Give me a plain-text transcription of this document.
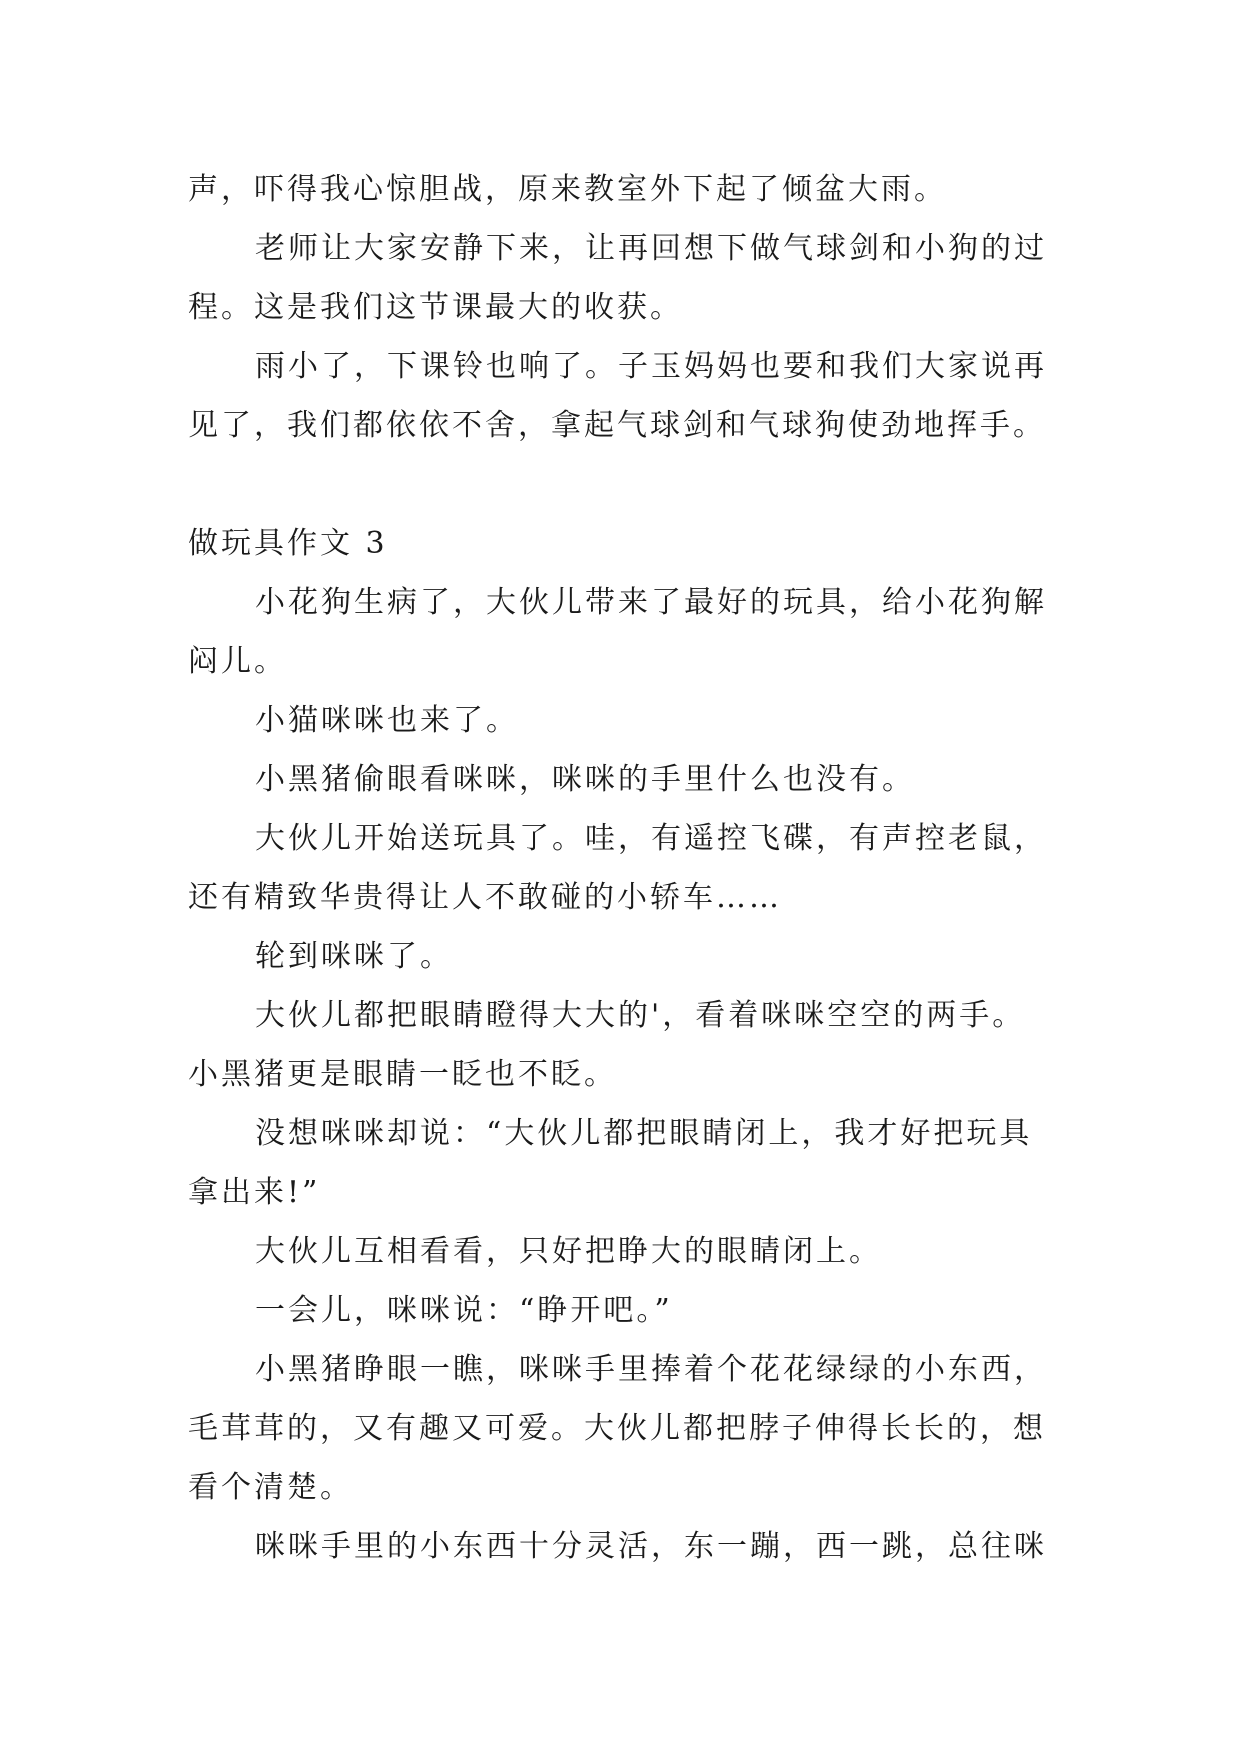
声，吓得我心惊胆战，原来教室外下起了倾盆大雨。
老师让大家安静下来，让再回想下做气球剑和小狗的过
程。这是我们这节课最大的收获。
雨小了，下课铃也响了。子玉妈妈也要和我们大家说再
见了，我们都依依不舍，拿起气球剑和气球狗使劲地挥手。
做玩具作文 3
小花狗生病了，大伙儿带来了最好的玩具，给小花狗解
闷儿。
小猫咪咪也来了。
小黑猪偷眼看咪咪，咪咪的手里什么也没有。
大伙儿开始送玩具了。哇，有遥控飞碟，有声控老鼠，
还有精致华贵得让人不敢碰的小轿车……
轮到咪咪了。
大伙儿都把眼睛瞪得大大的'，看着咪咪空空的两手。
小黑猪更是眼睛一眨也不眨。
没想咪咪却说：“大伙儿都把眼睛闭上，我才好把玩具
拿出来!”
大伙儿互相看看，只好把睁大的眼睛闭上。
一会儿，咪咪说：“睁开吧。”
小黑猪睁眼一瞧，咪咪手里捧着个花花绿绿的小东西，
毛茸茸的，又有趣又可爱。大伙儿都把脖子伸得长长的，想
看个清楚。
咪咪手里的小东西十分灵活，东一蹦，西一跳，总往咪
